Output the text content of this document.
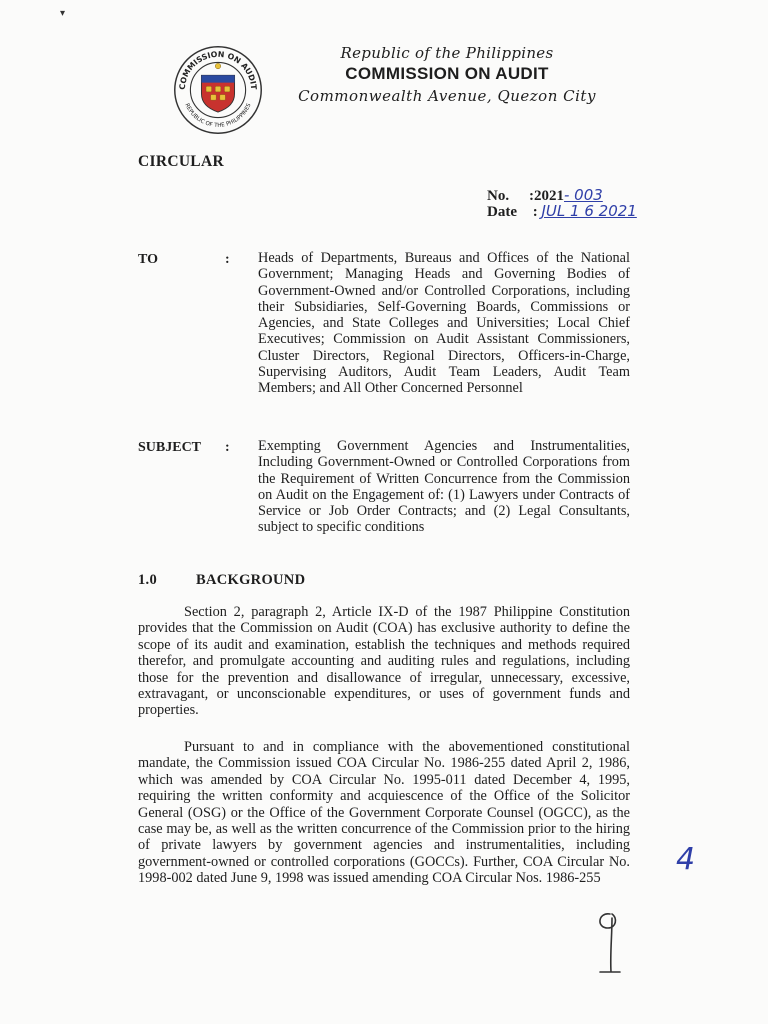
▾
COMMISSION ON AUDIT
REPUBLIC OF THE PHILIPPINES
Republic of the Philippines
COMMISSION ON AUDIT
Commonwealth Avenue, Quezon City
CIRCULAR
No. :2021- 003
Date : JUL 1 6 2021
TO	: Heads of Departments, Bureaus and Offices of the National Government; Managing Heads and Governing Bodies of Government-Owned and/or Controlled Corporations, including their Subsidiaries, Self-Governing Boards, Commissions or Agencies, and State Colleges and Universities; Local Chief Executives; Commission on Audit Assistant Commissioners, Cluster Directors, Regional Directors, Officers-in-Charge, Supervising Auditors, Audit Team Leaders, Audit Team Members; and All Other Concerned Personnel
SUBJECT : Exempting Government Agencies and Instrumentalities, Including Government-Owned or Controlled Corporations from the Requirement of Written Concurrence from the Commission on Audit on the Engagement of: (1) Lawyers under Contracts of Service or Job Order Contracts; and (2) Legal Consultants, subject to specific conditions
1.0	BACKGROUND
Section 2, paragraph 2, Article IX-D of the 1987 Philippine Constitution provides that the Commission on Audit (COA) has exclusive authority to define the scope of its audit and examination, establish the techniques and methods required therefor, and promulgate accounting and auditing rules and regulations, including those for the prevention and disallowance of irregular, unnecessary, excessive, extravagant, or unconscionable expenditures, or uses of government funds and properties.
Pursuant to and in compliance with the abovementioned constitutional mandate, the Commission issued COA Circular No. 1986-255 dated April 2, 1986, which was amended by COA Circular No. 1995-011 dated December 4, 1995, requiring the written conformity and acquiescence of the Office of the Solicitor General (OSG) or the Office of the Government Corporate Counsel (OGCC), as the case may be, as well as the written concurrence of the Commission prior to the hiring of private lawyers by government agencies and instrumentalities, including government-owned or controlled corporations (GOCCs). Further, COA Circular No. 1998-002 dated June 9, 1998 was issued amending COA Circular Nos. 1986-255
4
